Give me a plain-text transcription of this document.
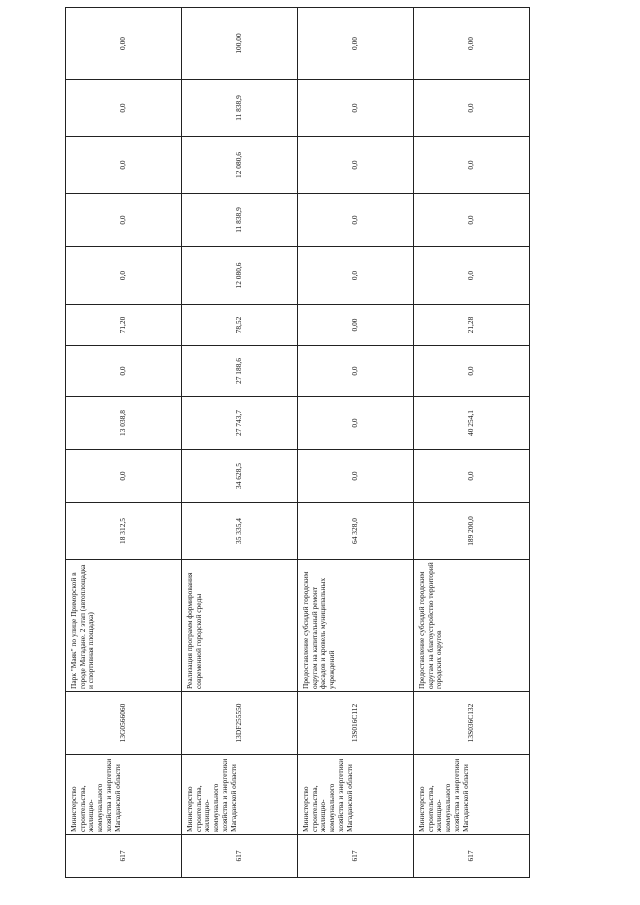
617	Министерство строительства, жилищно-коммунального хозяйства и энергетики Магаданской области	13G0566060	Парк "Маяк" по улице Приморской в городе Магадане. 2 этап (автоплощадка и спортивная площадка)	18 312,5	0,0	13 038,8	0,0	71,20	0,0	0,0	0,0	0,0	0,00
617	Министерство строительства, жилищно-коммунального хозяйства и энергетики Магаданской области	13DF255550	Реализация программ формирования современной городской среды	35 335,4	34 628,5	27 743,7	27 188,6	78,52	12 080,6	11 838,9	12 080,6	11 838,9	100,00
617	Министерство строительства, жилищно-коммунального хозяйства и энергетики Магаданской области	13S016C112	Предоставление субсидий городским округам на капитальный ремонт фасадов и кровель муниципальных учреждений	64 328,0	0,0	0,0	0,0	0,00	0,0	0,0	0,0	0,0	0,00
617	Министерство строительства, жилищно-коммунального хозяйства и энергетики Магаданской области	13S036C132	Предоставление субсидий городским округам на благоустройство территорий городских округов	189 200,0	0,0	40 254,1	0,0	21,28	0,0	0,0	0,0	0,0	0,00
